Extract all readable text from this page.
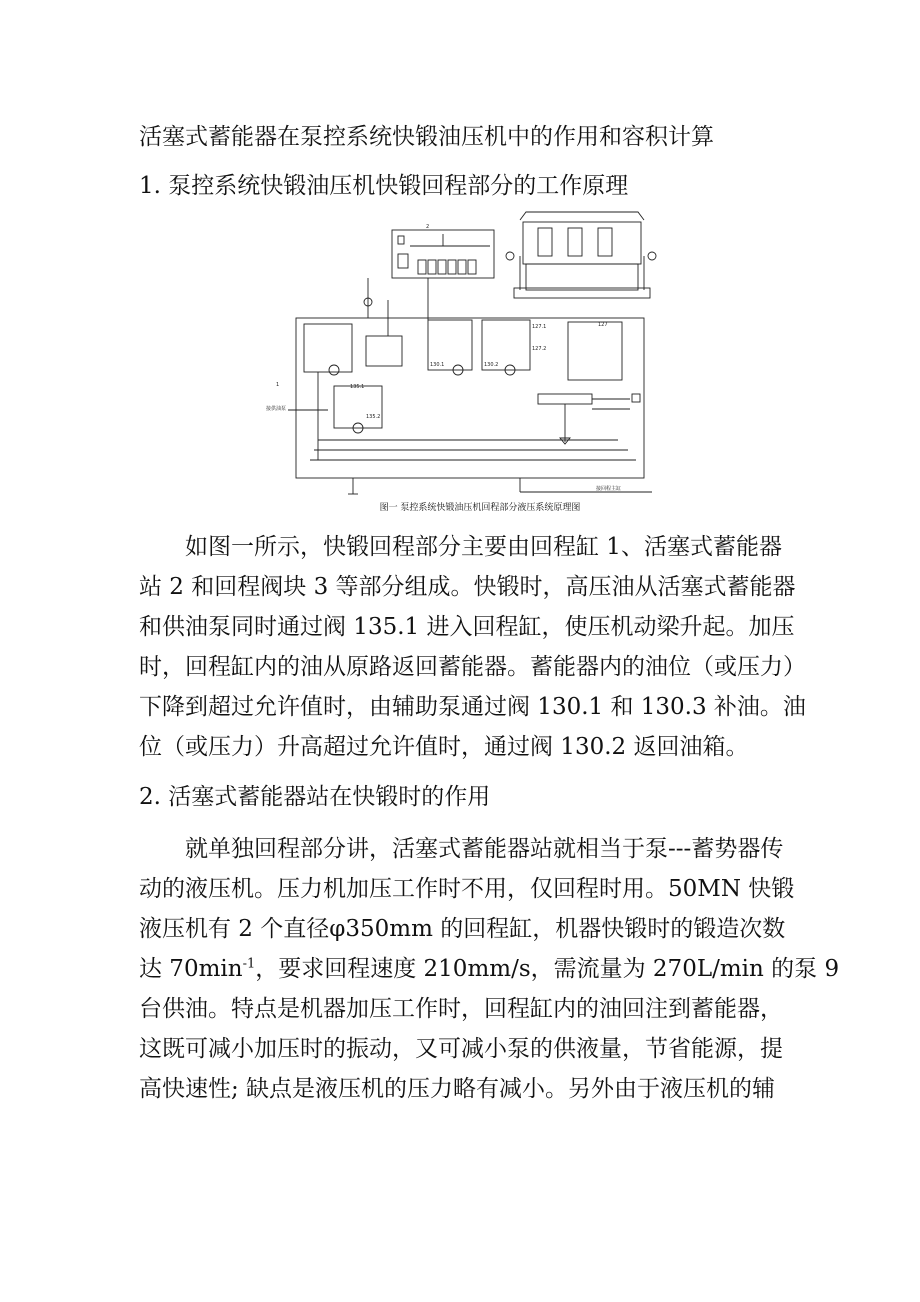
活塞式蓄能器在泵控系统快锻油压机中的作用和容积计算
1. 泵控系统快锻油压机快锻回程部分的工作原理
135.1
135.2
130.1	130.2
127.1
127.2
127
接供油泵
接回程主缸
1
2
图一 泵控系统快锻油压机回程部分液压系统原理图
如图一所示，快锻回程部分主要由回程缸 1、活塞式蓄能器
站 2 和回程阀块 3 等部分组成。快锻时，高压油从活塞式蓄能器
和供油泵同时通过阀 135.1 进入回程缸，使压机动梁升起。加压
时，回程缸内的油从原路返回蓄能器。蓄能器内的油位（或压力）
下降到超过允许值时，由辅助泵通过阀 130.1 和 130.3 补油。油
位（或压力）升高超过允许值时，通过阀 130.2 返回油箱。
2. 活塞式蓄能器站在快锻时的作用
就单独回程部分讲，活塞式蓄能器站就相当于泵---蓄势器传
动的液压机。压力机加压工作时不用，仅回程时用。50MN 快锻
液压机有 2 个直径φ350mm 的回程缸，机器快锻时的锻造次数
达 $70\min^{-1}$，要求回程速度 210mm/s，需流量为 270L/min 的泵 9
台供油。特点是机器加压工作时，回程缸内的油回注到蓄能器，
这既可减小加压时的振动，又可减小泵的供液量，节省能源，提
高快速性; 缺点是液压机的压力略有减小。另外由于液压机的辅
